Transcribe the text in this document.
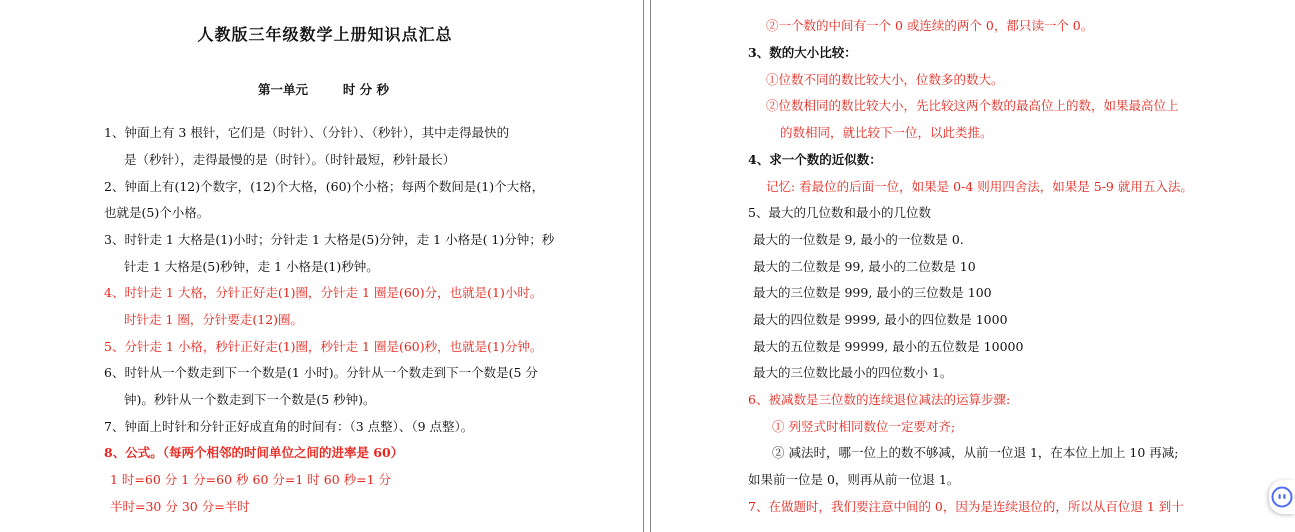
人教版三年级数学上册知识点汇总
第一单元        时 分 秒
1、钟面上有 3 根针，它们是（时针）、（分针）、（秒针），其中走得最快的
是（秒针），走得最慢的是（时针）。（时针最短，秒针最长）
2、钟面上有(12)个数字，(12)个大格，(60)个小格；每两个数间是(1)个大格，
也就是(5)个小格。
3、时针走 1 大格是(1)小时；分针走 1 大格是(5)分钟，走 1 小格是( 1)分钟；秒
针走 1 大格是(5)秒钟，走 1 小格是(1)秒钟。
4、时针走 1 大格，分针正好走(1)圈，分针走 1 圈是(60)分，也就是(1)小时。
时针走 1 圈，分针要走(12)圈。
5、分针走 1 小格，秒针正好走(1)圈，秒针走 1 圈是(60)秒，也就是(1)分钟。
6、时针从一个数走到下一个数是(1 小时)。分针从一个数走到下一个数是(5 分
钟)。秒针从一个数走到下一个数是(5 秒钟)。
7、钟面上时针和分针正好成直角的时间有：（3 点整）、（9 点整）。
8、公式。（每两个相邻的时间单位之间的进率是 60）
1 时=60 分 1 分=60 秒 60 分=1 时 60 秒=1 分
半时=30 分 30 分=半时
②一个数的中间有一个 0 或连续的两个 0，都只读一个 0。
3、数的大小比较：
①位数不同的数比较大小，位数多的数大。
②位数相同的数比较大小，先比较这两个数的最高位上的数，如果最高位上
的数相同，就比较下一位，以此类推。
4、求一个数的近似数：
记忆: 看最位的后面一位，如果是 0-4 则用四舍法，如果是 5-9 就用五入法。
5、最大的几位数和最小的几位数
最大的一位数是 9, 最小的一位数是 0.
最大的二位数是 99, 最小的二位数是 10
最大的三位数是 999, 最小的三位数是 100
最大的四位数是 9999, 最小的四位数是 1000
最大的五位数是 99999, 最小的五位数是 10000
最大的三位数比最小的四位数小 1。
6、被减数是三位数的连续退位减法的运算步骤:
① 列竖式时相同数位一定要对齐;
② 减法时，哪一位上的数不够减，从前一位退 1，在本位上加上 10 再减;
如果前一位是 0，则再从前一位退 1。
7、在做题时，我们要注意中间的 0，因为是连续退位的，所以从百位退 1 到十
